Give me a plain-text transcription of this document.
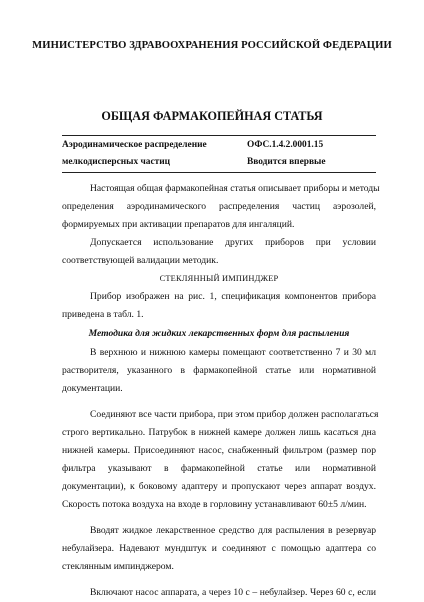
МИНИСТЕРСТВО ЗДРАВООХРАНЕНИЯ РОССИЙСКОЙ ФЕДЕРАЦИИ
ОБЩАЯ ФАРМАКОПЕЙНАЯ СТАТЬЯ
Аэродинамическое распределение	ОФС.1.4.2.0001.15
мелкодисперсных частиц	Вводится впервые
Настоящая общая фармакопейная статья описывает приборы и методы
определения аэродинамического распределения частиц аэрозолей,
формируемых при активации препаратов для ингаляций.
Допускается использование других приборов при условии
соответствующей валидации методик.
СТЕКЛЯННЫЙ ИМПИНДЖЕР
Прибор изображен на рис. 1, спецификация компонентов прибора
приведена в табл. 1.
Методика для жидких лекарственных форм для распыления
В верхнюю и нижнюю камеры помещают соответственно 7 и 30 мл
растворителя, указанного в фармакопейной статье или нормативной
документации.
Соединяют все части прибора, при этом прибор должен располагаться
строго вертикально. Патрубок в нижней камере должен лишь касаться дна
нижней камеры. Присоединяют насос, снабженный фильтром (размер пор
фильтра указывают в фармакопейной статье или нормативной
документации), к боковому адаптеру и пропускают через аппарат воздух.
Скорость потока воздуха на входе в горловину устанавливают 60±5 л/мин.
Вводят жидкое лекарственное средство для распыления в резервуар
небулайзера. Надевают мундштук и соединяют с помощью адаптера со
стеклянным импинджером.
Включают насос аппарата, а через 10 с – небулайзер. Через 60 с, если
